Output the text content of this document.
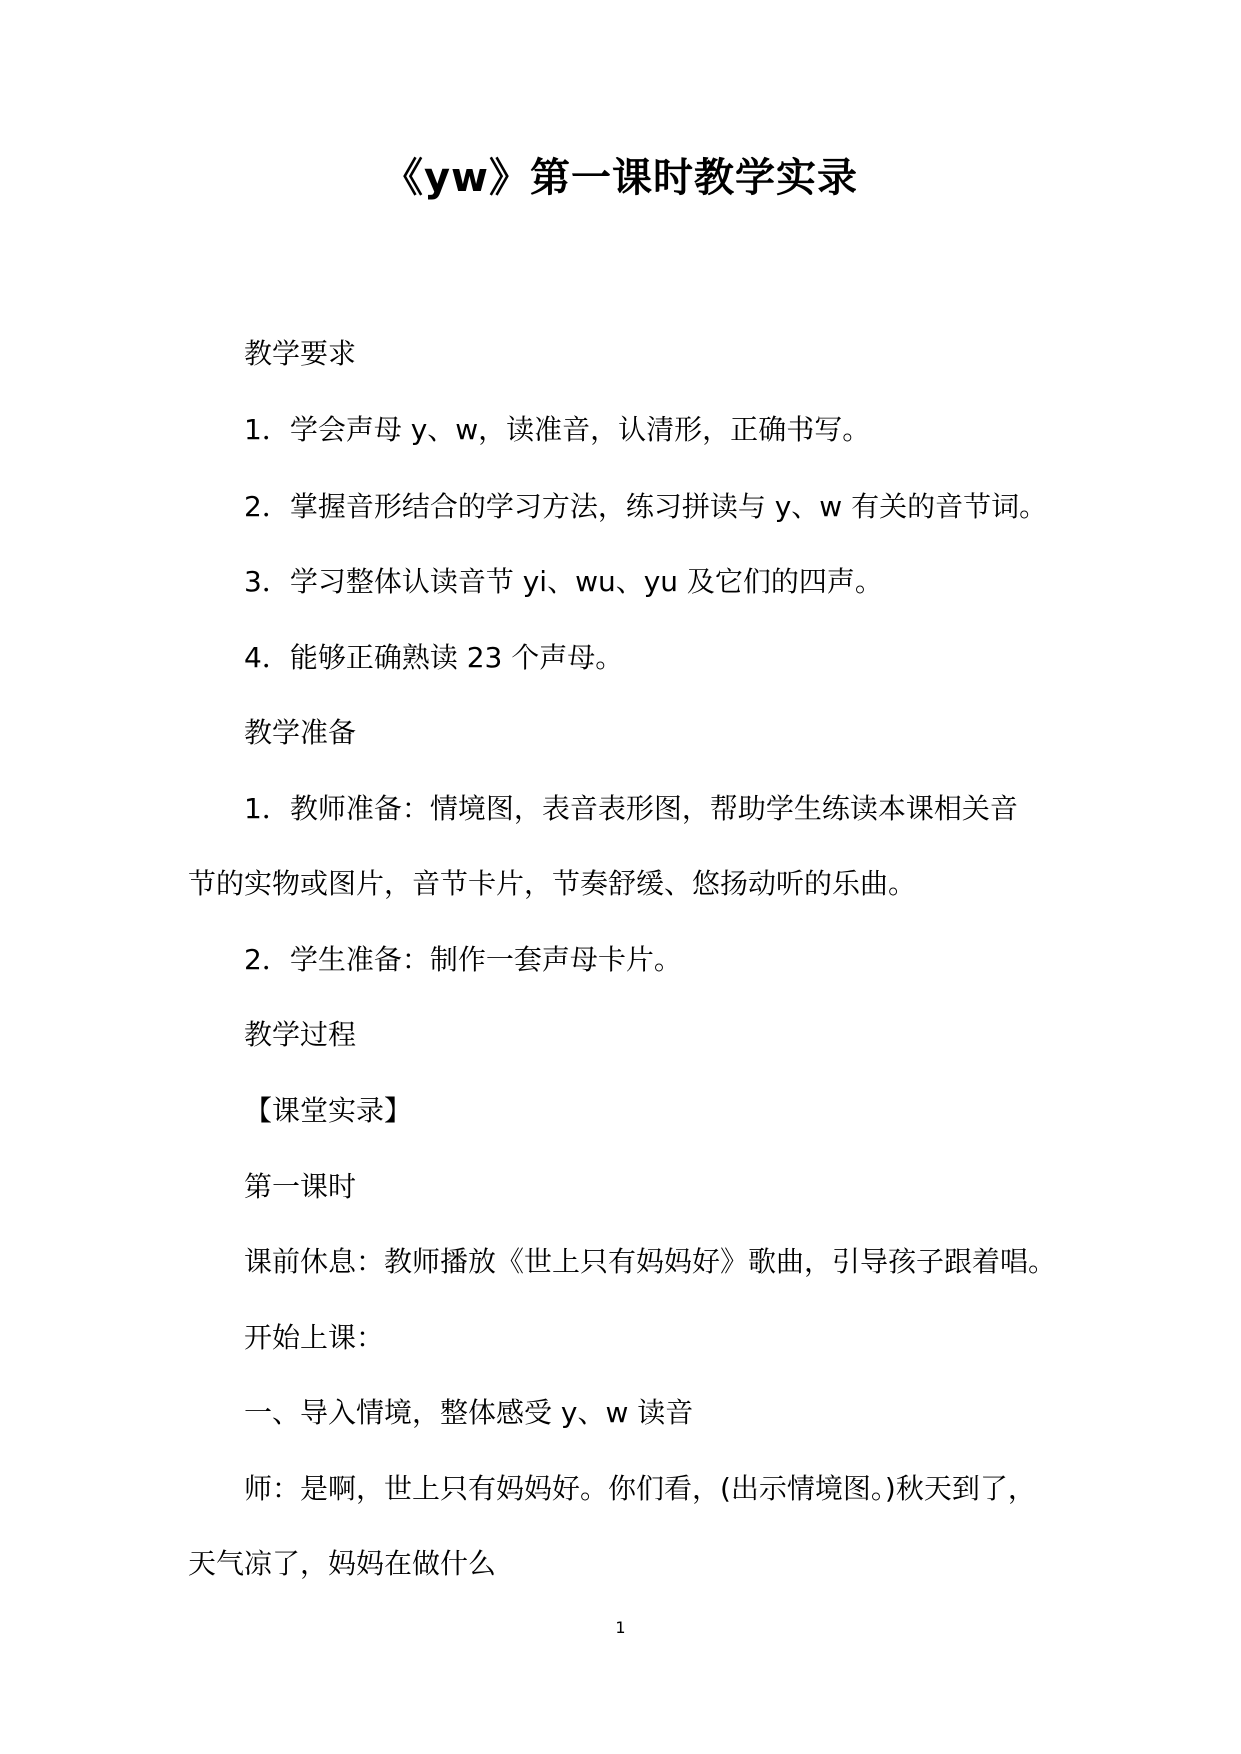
《yw》第一课时教学实录
教学要求
1．学会声母 y、w，读准音，认清形，正确书写。
2．掌握音形结合的学习方法，练习拼读与 y、w 有关的音节词。
3．学习整体认读音节 yi、wu、yu 及它们的四声。
4．能够正确熟读 23 个声母。
教学准备
1．教师准备：情境图，表音表形图，帮助学生练读本课相关音
节的实物或图片，音节卡片，节奏舒缓、悠扬动听的乐曲。
2．学生准备：制作一套声母卡片。
教学过程
【课堂实录】
第一课时
课前休息：教师播放《世上只有妈妈好》歌曲，引导孩子跟着唱。
开始上课：
一、导入情境，整体感受 y、w 读音
师：是啊，世上只有妈妈好。你们看，(出示情境图。)秋天到了，
天气凉了，妈妈在做什么
1
